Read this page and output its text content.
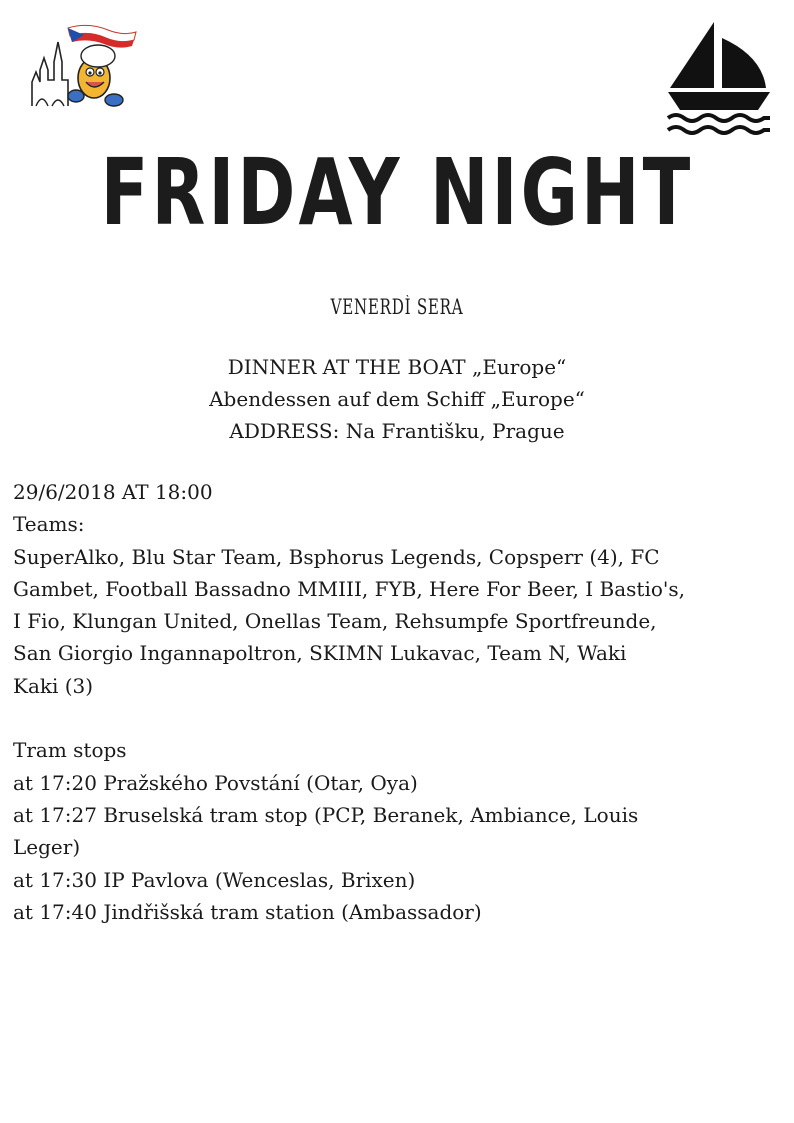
FRIDAY NIGHT
VENERDÌ SERA
DINNER AT THE BOAT „Europe“
Abendessen auf dem Schiff „Europe“
ADDRESS: Na Františku, Prague
29/6/2018 AT 18:00
Teams:
SuperAlko, Blu Star Team, Bsphorus Legends, Copsperr (4), FC
Gambet, Football Bassadno MMIII, FYB, Here For Beer, I Bastio's,
I Fio, Klungan United, Onellas Team, Rehsumpfe Sportfreunde,
San Giorgio Ingannapoltron, SKIMN Lukavac, Team N, Waki
Kaki (3)
Tram stops
at 17:20 Pražského Povstání (Otar, Oya)
at 17:27 Bruselská tram stop (PCP, Beranek, Ambiance, Louis
Leger)
at 17:30 IP Pavlova (Wenceslas, Brixen)
at 17:40 Jindřišská tram station (Ambassador)
